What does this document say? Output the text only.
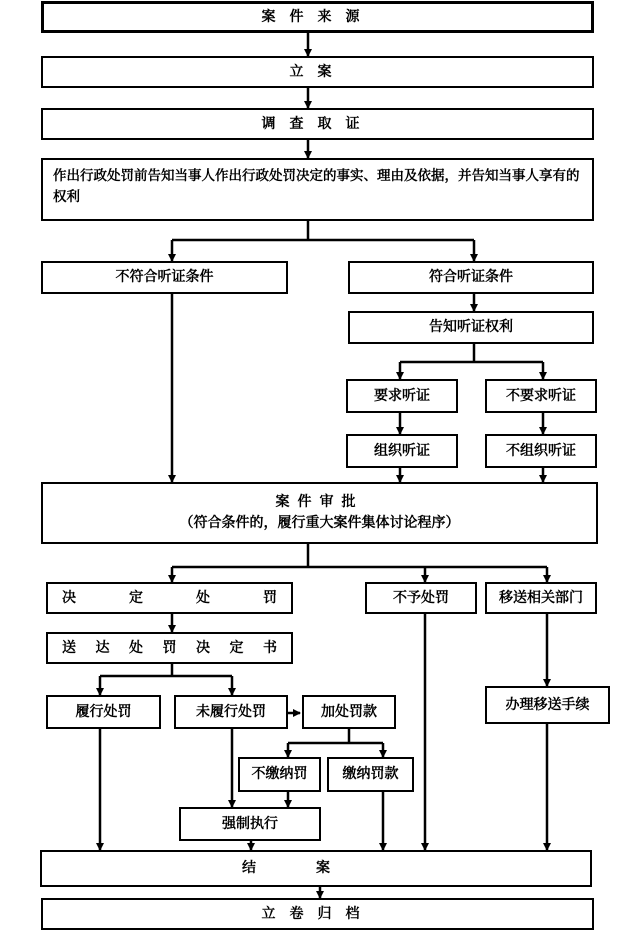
案件来源
立案
调查取证
作出行政处罚前告知当事人作出行政处罚决定的事实、理由及依据，并告知当事人享有的权利
不符合听证条件	符合听证条件
告知听证权利
要求听证	不要求听证
组织听证	不组织听证
案件审批
（符合条件的，履行重大案件集体讨论程序）
决	定	处	罚	不予处罚	移送相关部门
送 达 处 罚 决 定 书
履行处罚	未履行处罚	加处罚款	办理移送手续
不缴纳罚	缴纳罚款
强制执行
结案
立卷归档
